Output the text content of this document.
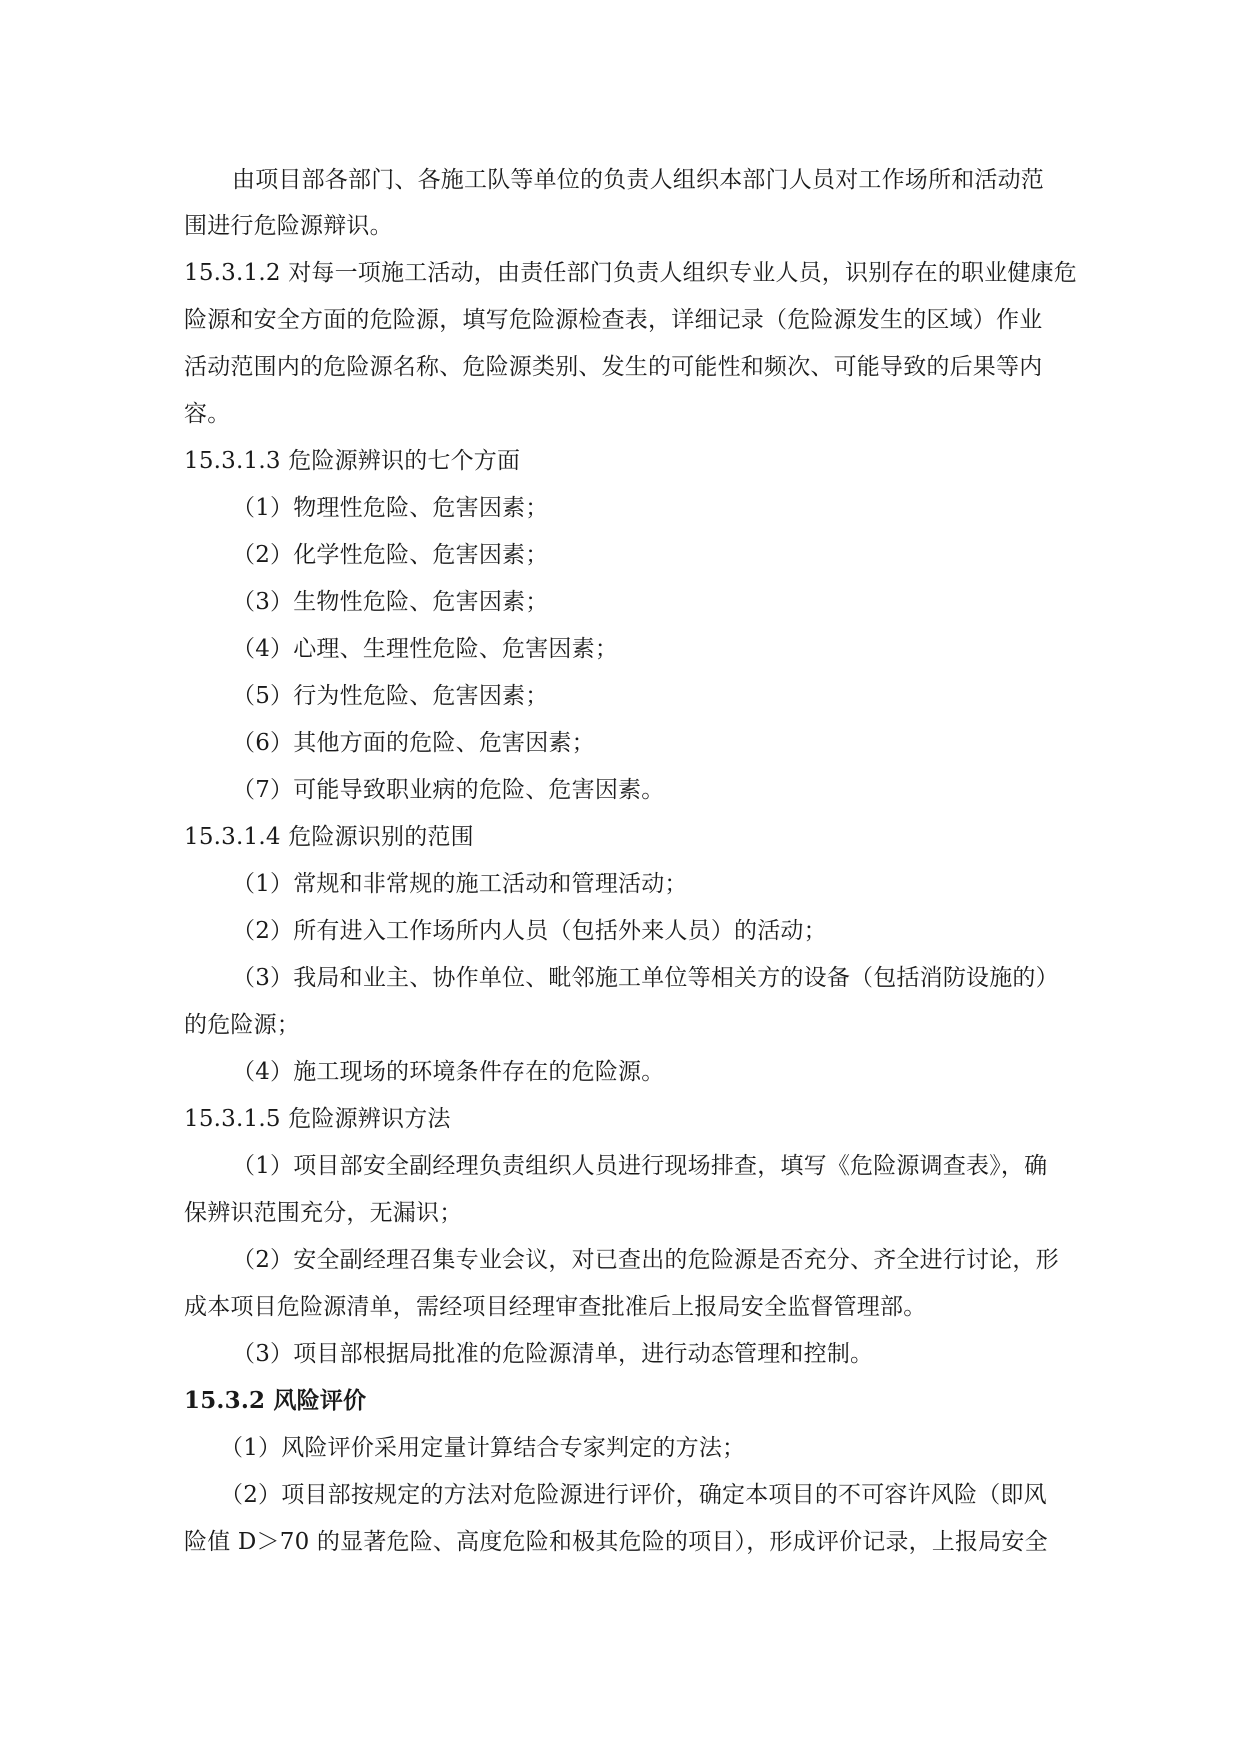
由项目部各部门、各施工队等单位的负责人组织本部门人员对工作场所和活动范
围进行危险源辩识。
15.3.1.2 对每一项施工活动，由责任部门负责人组织专业人员，识别存在的职业健康危
险源和安全方面的危险源，填写危险源检查表，详细记录（危险源发生的区域）作业
活动范围内的危险源名称、危险源类别、发生的可能性和频次、可能导致的后果等内
容。
15.3.1.3 危险源辨识的七个方面
（1）物理性危险、危害因素；
（2）化学性危险、危害因素；
（3）生物性危险、危害因素；
（4）心理、生理性危险、危害因素；
（5）行为性危险、危害因素；
（6）其他方面的危险、危害因素；
（7）可能导致职业病的危险、危害因素。
15.3.1.4 危险源识别的范围
（1）常规和非常规的施工活动和管理活动；
（2）所有进入工作场所内人员（包括外来人员）的活动；
（3）我局和业主、协作单位、毗邻施工单位等相关方的设备（包括消防设施的）
的危险源；
（4）施工现场的环境条件存在的危险源。
15.3.1.5 危险源辨识方法
（1）项目部安全副经理负责组织人员进行现场排查，填写《危险源调查表》，确
保辨识范围充分，无漏识；
（2）安全副经理召集专业会议，对已查出的危险源是否充分、齐全进行讨论，形
成本项目危险源清单，需经项目经理审查批准后上报局安全监督管理部。
（3）项目部根据局批准的危险源清单，进行动态管理和控制。
15.3.2 风险评价
（1）风险评价采用定量计算结合专家判定的方法；
（2）项目部按规定的方法对危险源进行评价，确定本项目的不可容许风险（即风
险值 D＞70 的显著危险、高度危险和极其危险的项目），形成评价记录，上报局安全
